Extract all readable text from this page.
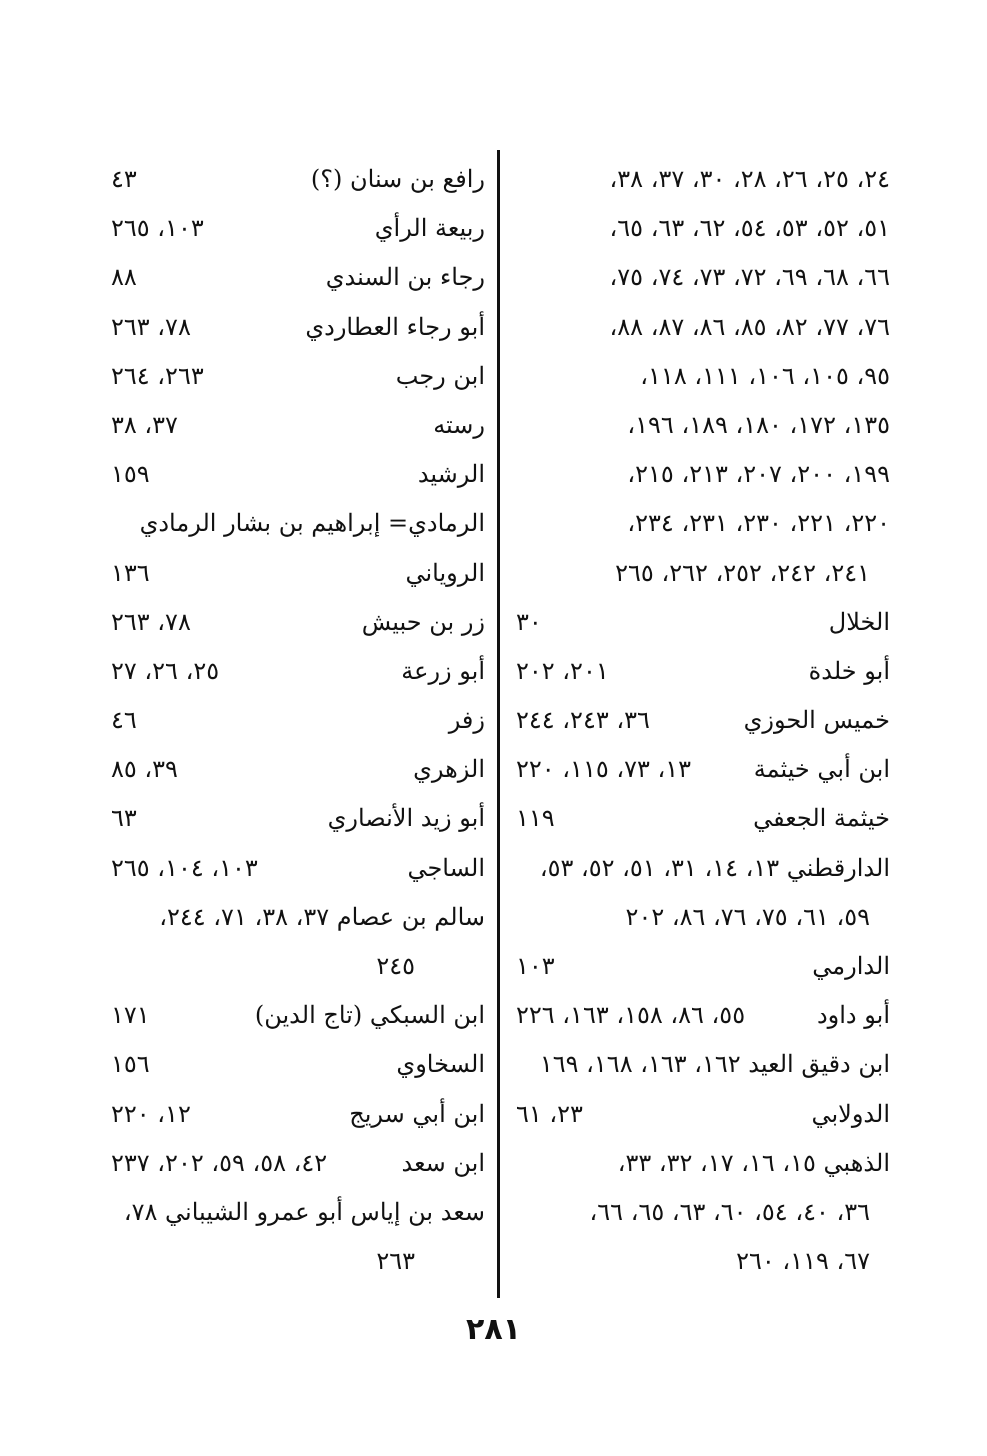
٢٤، ٢٥، ٢٦، ٢٨، ٣٠، ٣٧، ٣٨،
٥١، ٥٢، ٥٣، ٥٤، ٦٢، ٦٣، ٦٥،
٦٦، ٦٨، ٦٩، ٧٢، ٧٣، ٧٤، ٧٥،
٧٦، ٧٧، ٨٢، ٨٥، ٨٦، ٨٧، ٨٨،
٩٥، ١٠٥، ١٠٦، ١١١، ١١٨،
١٣٥، ١٧٢، ١٨٠، ١٨٩، ١٩٦،
١٩٩، ٢٠٠، ٢٠٧، ٢١٣، ٢١٥،
٢٢٠، ٢٢١، ٢٣٠، ٢٣١، ٢٣٤،
٢٤١، ٢٤٢، ٢٥٢، ٢٦٢، ٢٦٥
الخلال
٣٠
أبو خلدة
٢٠١، ٢٠٢
خميس الحوزي
٣٦، ٢٤٣، ٢٤٤
ابن أبي خيثمة
١٣، ٧٣، ١١٥، ٢٢٠
خيثمة الجعفي
١١٩
الدارقطني ١٣، ١٤، ٣١، ٥١، ٥٢، ٥٣،
٥٩، ٦١، ٧٥، ٧٦، ٨٦، ٢٠٢
الدارمي
١٠٣
أبو داود
٥٥، ٨٦، ١٥٨، ١٦٣، ٢٢٦
ابن دقيق العيد ١٦٢، ١٦٣، ١٦٨، ١٦٩
الدولابي
٢٣، ٦١
الذهبي ١٥، ١٦، ١٧، ٣٢، ٣٣،
٣٦، ٤٠، ٥٤، ٦٠، ٦٣، ٦٥، ٦٦،
٦٧، ١١٩، ٢٦٠
رافع بن سنان (؟)
٤٣
ربيعة الرأي
١٠٣، ٢٦٥
رجاء بن السندي
٨٨
أبو رجاء العطاردي
٧٨، ٢٦٣
ابن رجب
٢٦٣، ٢٦٤
رسته
٣٧، ٣٨
الرشيد
١٥٩
الرمادي= إبراهيم بن بشار الرمادي
الروياني
١٣٦
زر بن حبيش
٧٨، ٢٦٣
أبو زرعة
٢٥، ٢٦، ٢٧
زفر
٤٦
الزهري
٣٩، ٨٥
أبو زيد الأنصاري
٦٣
الساجي
١٠٣، ١٠٤، ٢٦٥
سالم بن عصام ٣٧، ٣٨، ٧١، ٢٤٤،
٢٤٥
ابن السبكي (تاج الدين)
١٧١
السخاوي
١٥٦
ابن أبي سريج
١٢، ٢٢٠
ابن سعد
٤٢، ٥٨، ٥٩، ٢٠٢، ٢٣٧
سعد بن إياس أبو عمرو الشيباني ٧٨،
٢٦٣
٢٨١
